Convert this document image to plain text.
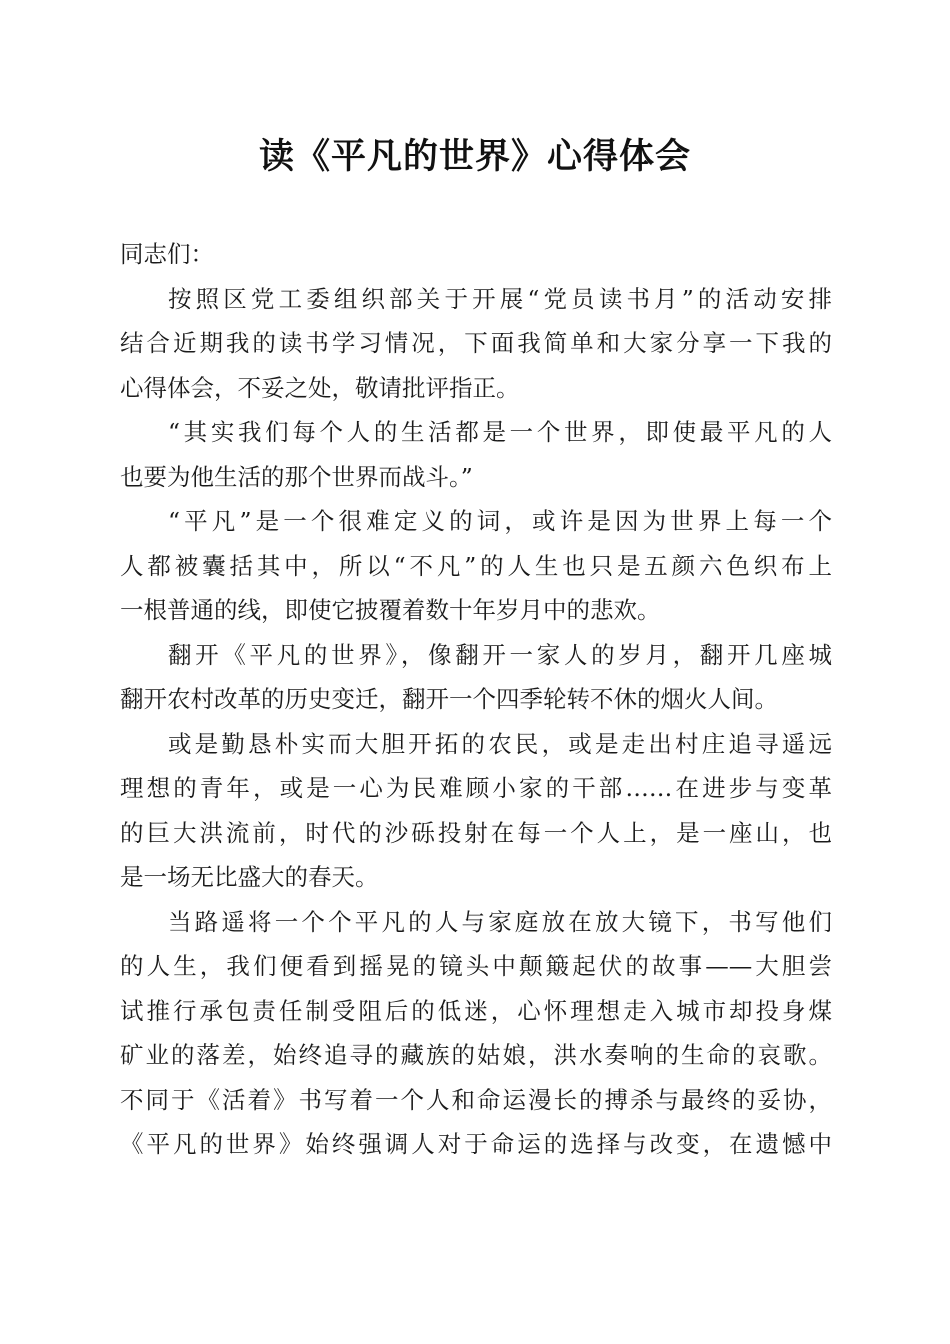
读《平凡的世界》心得体会
同志们：
按照区党工委组织部关于开展“党员读书月”的活动安排
结合近期我的读书学习情况，下面我简单和大家分享一下我的
心得体会，不妥之处，敬请批评指正。
“其实我们每个人的生活都是一个世界，即使最平凡的人
也要为他生活的那个世界而战斗。”
“平凡”是一个很难定义的词，或许是因为世界上每一个
人都被囊括其中，所以“不凡”的人生也只是五颜六色织布上
一根普通的线，即使它披覆着数十年岁月中的悲欢。
翻开《平凡的世界》，像翻开一家人的岁月，翻开几座城
翻开农村改革的历史变迁，翻开一个四季轮转不休的烟火人间。
或是勤恳朴实而大胆开拓的农民，或是走出村庄追寻遥远
理想的青年，或是一心为民难顾小家的干部……在进步与变革
的巨大洪流前，时代的沙砾投射在每一个人上，是一座山，也
是一场无比盛大的春天。
当路遥将一个个平凡的人与家庭放在放大镜下，书写他们
的人生，我们便看到摇晃的镜头中颠簸起伏的故事——大胆尝
试推行承包责任制受阻后的低迷，心怀理想走入城市却投身煤
矿业的落差，始终追寻的藏族的姑娘，洪水奏响的生命的哀歌。
不同于《活着》书写着一个人和命运漫长的搏杀与最终的妥协，
《平凡的世界》始终强调人对于命运的选择与改变，在遗憾中
